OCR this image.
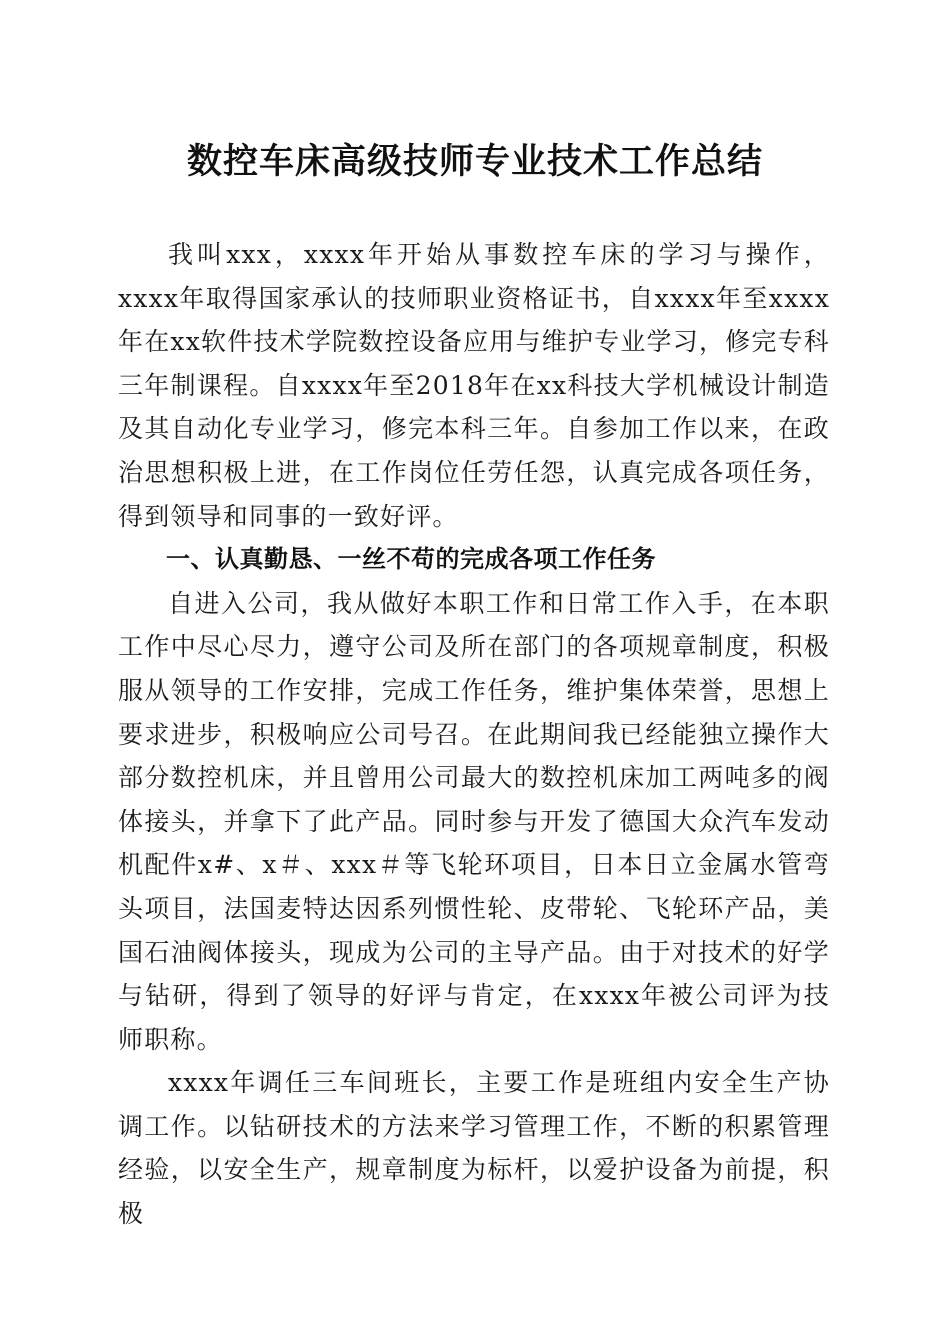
数控车床高级技师专业技术工作总结

我叫xxx，xxxx年开始从事数控车床的学习与操作，xxxx年取得国家承认的技师职业资格证书，自xxxx年至xxxx年在xx软件技术学院数控设备应用与维护专业学习，修完专科三年制课程。自xxxx年至2018年在xx科技大学机械设计制造及其自动化专业学习，修完本科三年。自参加工作以来，在政治思想积极上进，在工作岗位任劳任怨，认真完成各项任务，得到领导和同事的一致好评。

一、认真勤恳、一丝不苟的完成各项工作任务

自进入公司，我从做好本职工作和日常工作入手，在本职工作中尽心尽力，遵守公司及所在部门的各项规章制度，积极服从领导的工作安排，完成工作任务，维护集体荣誉，思想上要求进步，积极响应公司号召。在此期间我已经能独立操作大部分数控机床，并且曾用公司最大的数控机床加工两吨多的阀体接头，并拿下了此产品。同时参与开发了德国大众汽车发动机配件x#、x＃、xxx＃等飞轮环项目，日本日立金属水管弯头项目，法国麦特达因系列惯性轮、皮带轮、飞轮环产品，美国石油阀体接头，现成为公司的主导产品。由于对技术的好学与钻研，得到了领导的好评与肯定，在xxxx年被公司评为技师职称。

xxxx年调任三车间班长，主要工作是班组内安全生产协调工作。以钻研技术的方法来学习管理工作，不断的积累管理经验，以安全生产，规章制度为标杆，以爱护设备为前提，积极
